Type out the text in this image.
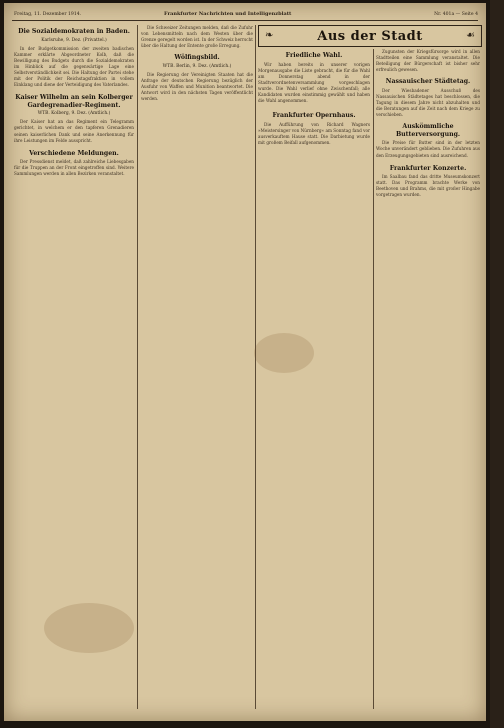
Freitag, 11. Dezember 1914.	Frankfurter Nachrichten und Intelligenzblatt	Nr. 401a — Seite 4
Die Sozialdemokraten in Baden.
Karlsruhe, 9. Dez. (Privattel.)
In der Budgetkommission der zweiten badischen Kammer erklärte Abgeordneter Kolb, daß die Bewilligung des Budgets durch die Sozialdemokraten im Hinblick auf die gegenwärtige Lage eine Selbstverständlichkeit sei. Die Haltung der Partei stehe mit der Politik der Reichstagsfraktion in vollem Einklang und diene der Verteidigung des Vaterlandes.
Kaiser Wilhelm an sein Kolberger Gardegrenadier-Regiment.
WTB. Kolberg, 9. Dez. (Amtlich.)
Der Kaiser hat an das Regiment ein Telegramm gerichtet, in welchem er den tapferen Grenadieren seinen kaiserlichen Dank und seine Anerkennung für ihre Leistungen im Felde ausspricht.
Verschiedene Meldungen.
Der Pressdienst meldet, daß zahlreiche Liebesgaben für die Truppen an der Front eingetroffen sind. Weitere Sammlungen werden in allen Bezirken veranstaltet.
Die Schweizer Zeitungen melden, daß die Zufuhr von Lebensmitteln nach dem Westen über die Grenze geregelt worden ist. In der Schweiz herrscht über die Haltung der Entente große Erregung.
Wölfingsbild.
WTB. Berlin, 9. Dez. (Amtlich.)
Die Regierung der Vereinigten Staaten hat die Anfrage der deutschen Regierung bezüglich der Ausfuhr von Waffen und Munition beantwortet. Die Antwort wird in den nächsten Tagen veröffentlicht werden.
❧	Aus der Stadt	☙
Friedliche Wahl.
Wir haben bereits in unserer vorigen Morgenausgabe die Liste gebracht, die für die Wahl am Donnerstag abend in der Stadtverordnetenversammlung vorgeschlagen wurde. Die Wahl verlief ohne Zwischenfall; alle Kandidaten wurden einstimmig gewählt und haben die Wahl angenommen.
Frankfurter Opernhaus.
Die Aufführung von Richard Wagners »Meistersinger von Nürnberg« am Sonntag fand vor ausverkauftem Hause statt. Die Darbietung wurde mit großem Beifall aufgenommen.
Zugunsten der Kriegsfürsorge wird in allen Stadtteilen eine Sammlung veranstaltet. Die Beteiligung der Bürgerschaft ist bisher sehr erfreulich gewesen.
Nassauischer Städtetag.
Der Wiesbadener Ausschuß des Nassauischen Städtetages hat beschlossen, die Tagung in diesem Jahre nicht abzuhalten und die Beratungen auf die Zeit nach dem Kriege zu verschieben.
Auskömmliche Butterversorgung.
Die Preise für Butter sind in der letzten Woche unverändert geblieben. Die Zufuhren aus den Erzeugungsgebieten sind ausreichend.
Frankfurter Konzerte.
Im Saalbau fand das dritte Museumskonzert statt. Das Programm brachte Werke von Beethoven und Brahms, die mit großer Hingabe vorgetragen wurden.
